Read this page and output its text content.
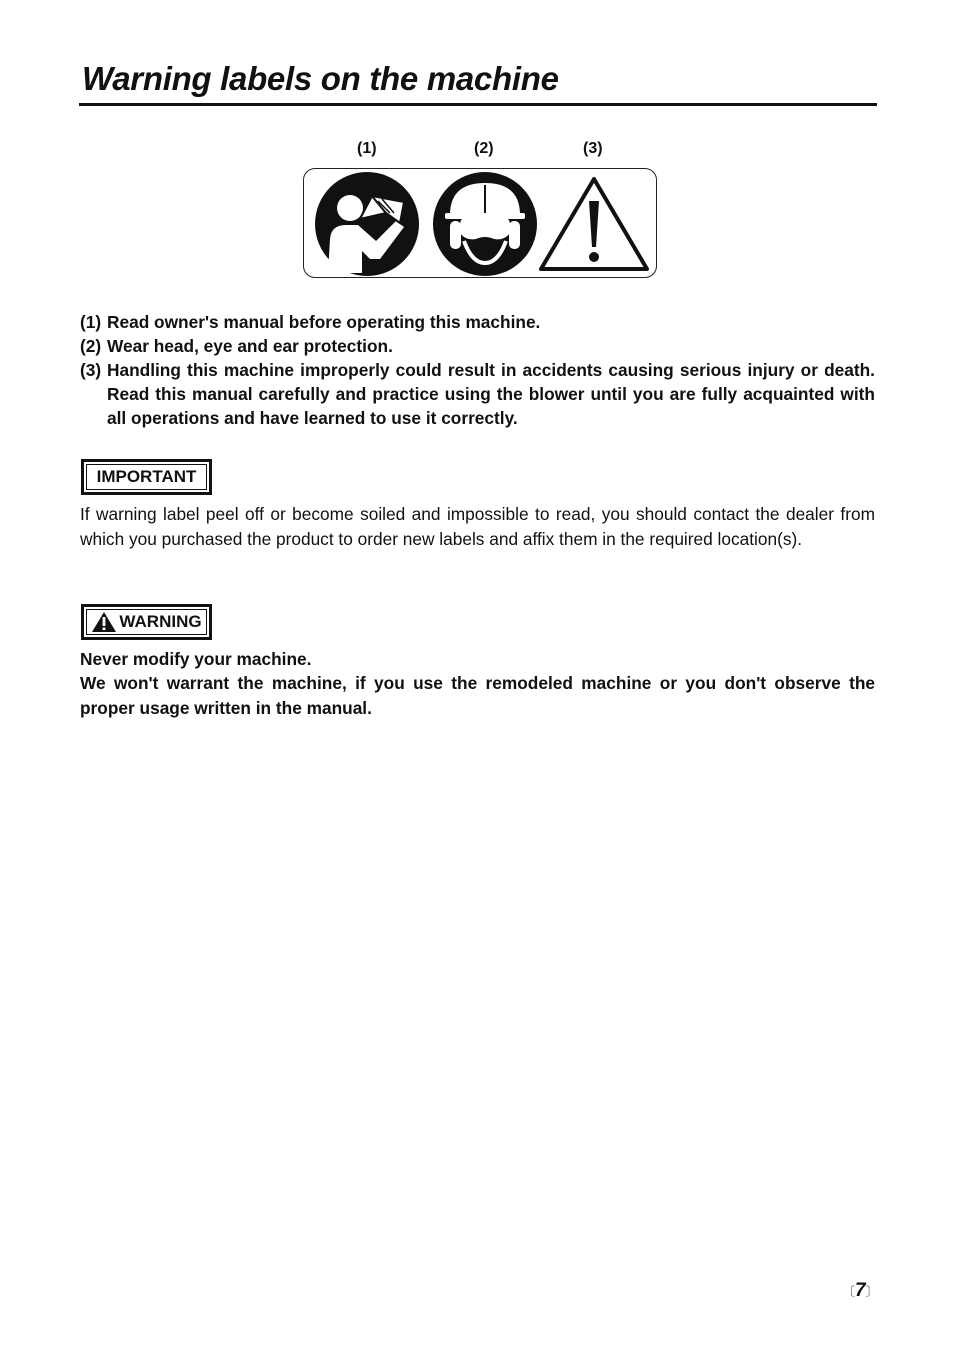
Warning labels on the machine
(1)	(2)	(3)
(1) Read owner's manual before operating this machine.
(2) Wear head, eye and ear protection.
(3) Handling this machine improperly could result in accidents causing serious injury or death. Read this manual carefully and practice using the blower until you are fully acquainted with all operations and have learned to use it correctly.
IMPORTANT

If warning label peel off or become soiled and impossible to read, you should contact the dealer from which you purchased the product to order new labels and affix them in the required location(s).

WARNING

Never modify your machine.

We won't warrant the machine, if you use the remodeled machine or you don't observe the proper usage written in the manual.

〔7〕
